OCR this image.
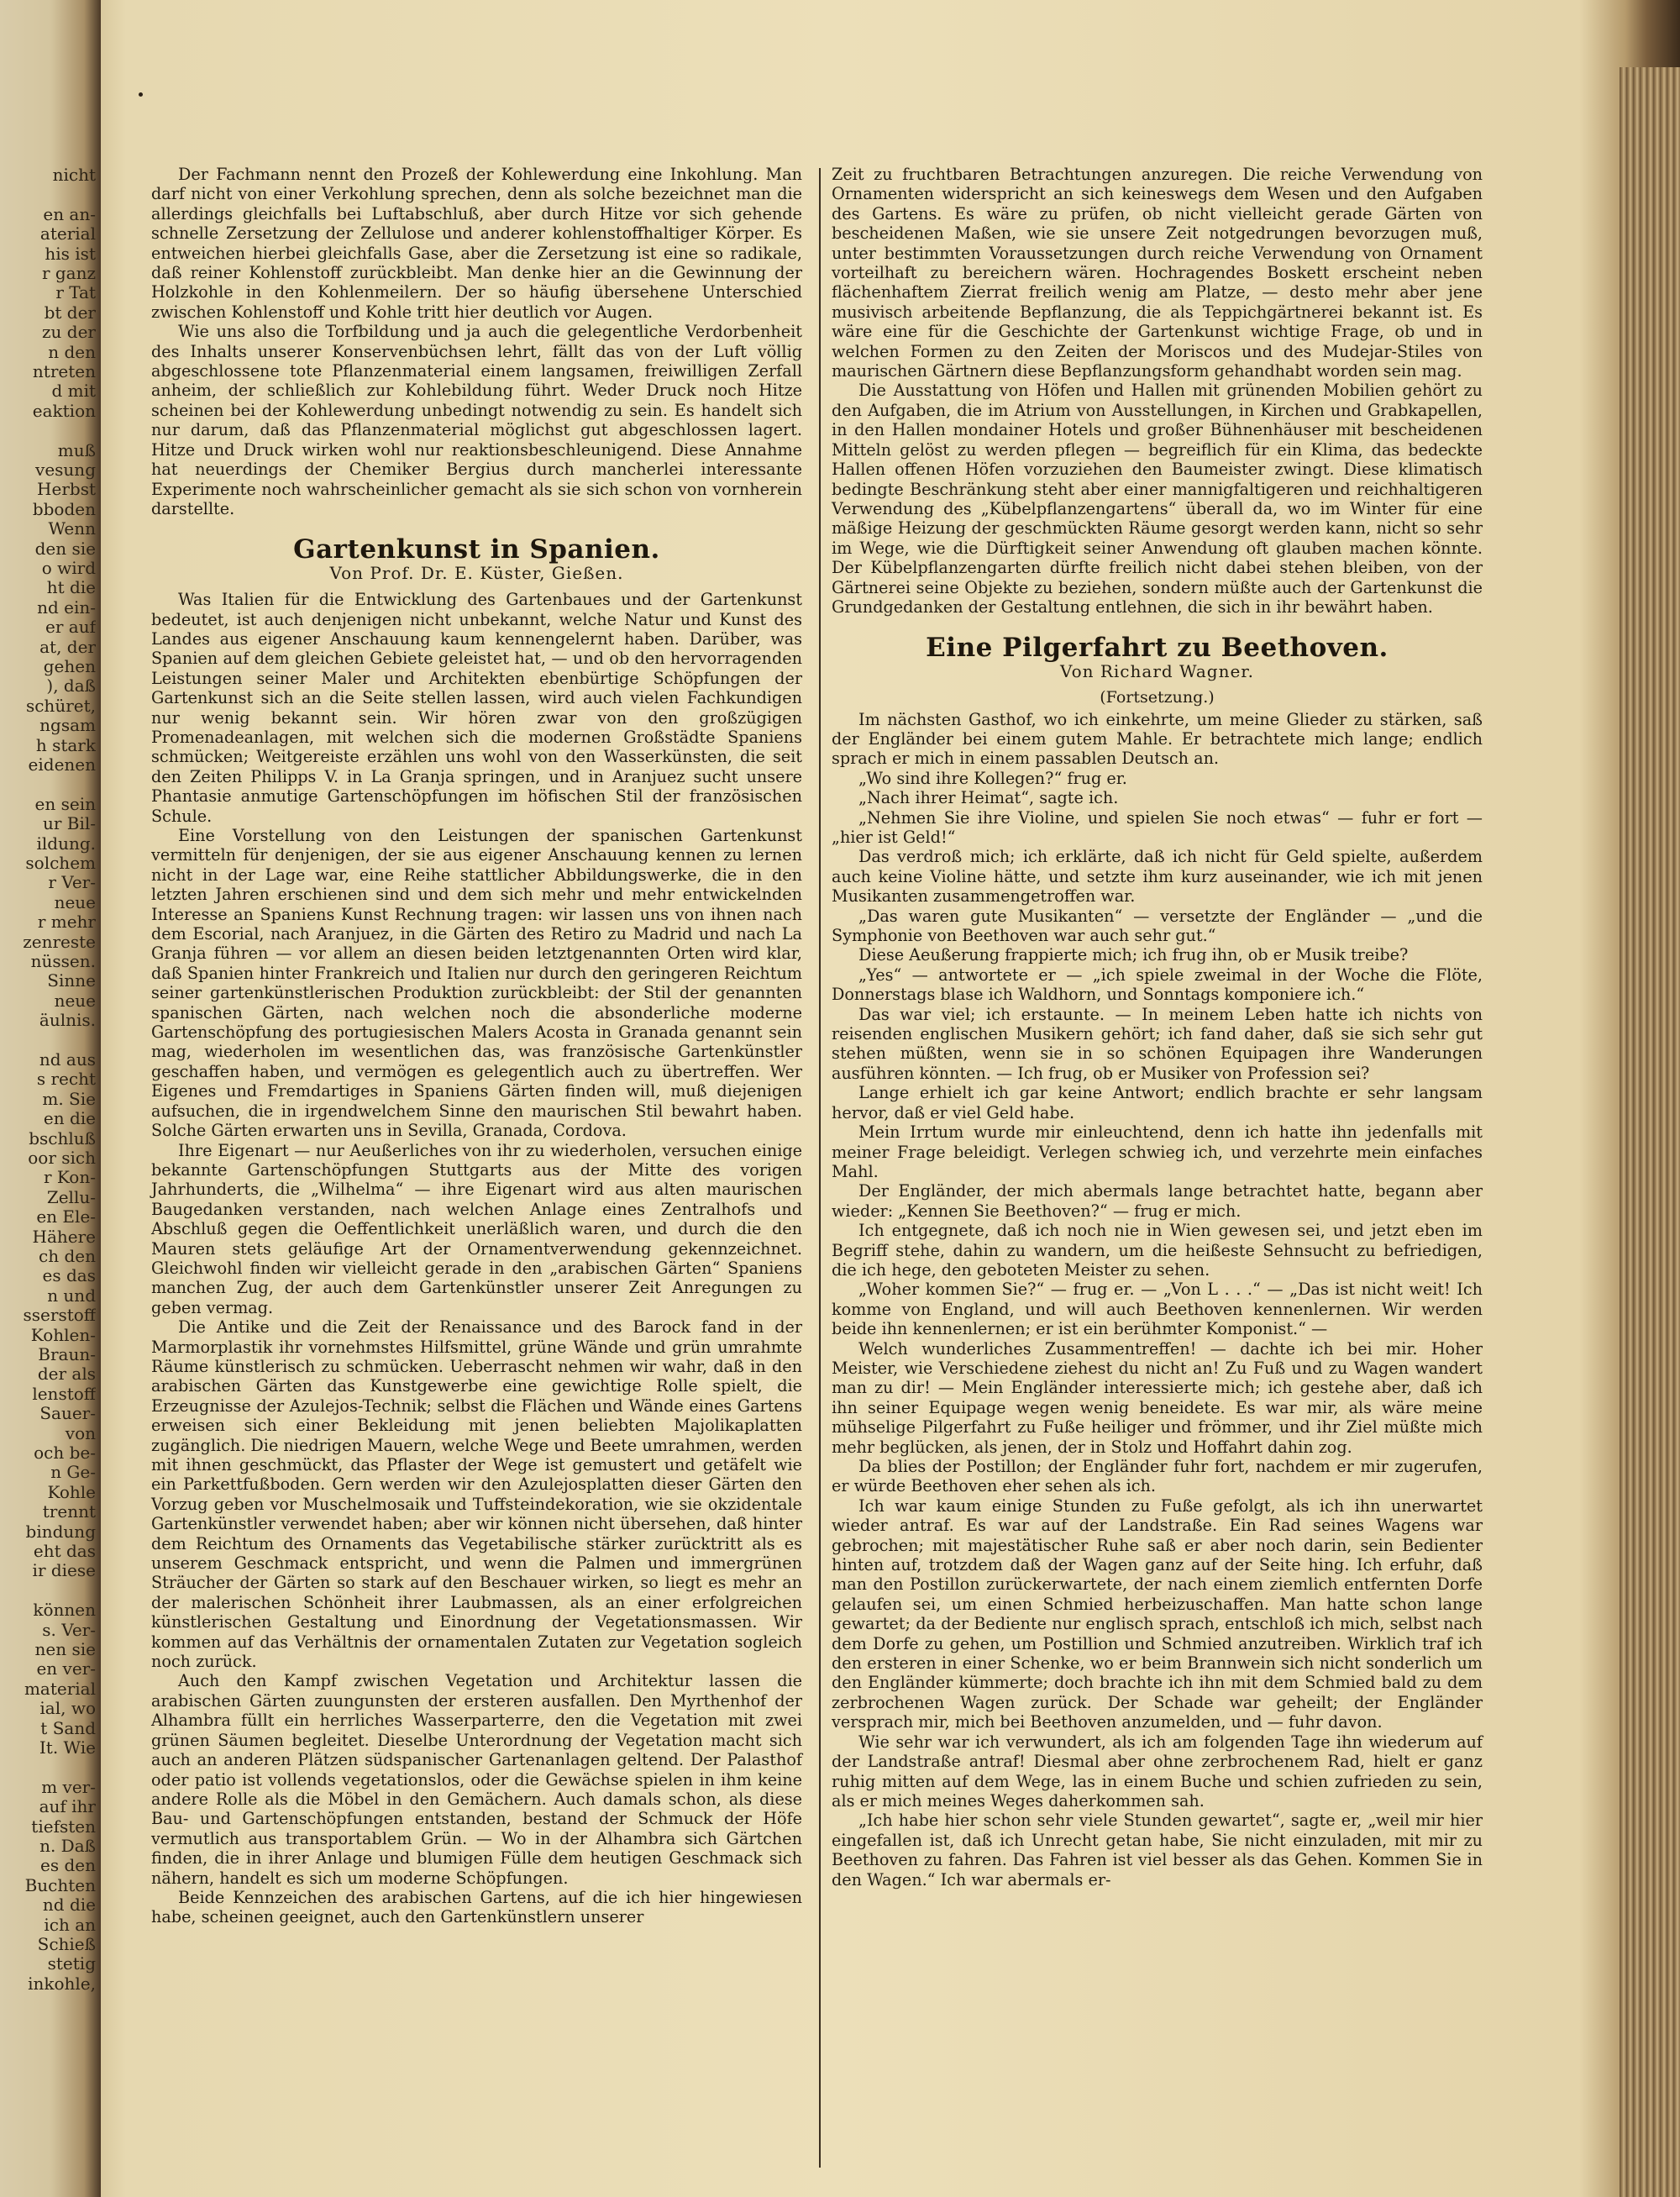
nicht
en an-
aterial
his ist
r ganz
r Tat
bt der
zu der
n den
ntreten
d mit
eaktion
muß
vesung
Herbst
bboden
Wenn
den sie
o wird
ht die
nd ein-
er auf
at, der
gehen
), daß
schüret,
ngsam
h stark
eidenen
en sein
ur Bil-
ildung.
solchem
r Ver-
neue
r mehr
zenreste
nüssen.
Sinne
neue
äulnis.
nd aus
s recht
m. Sie
en die
bschluß
oor sich
r Kon-
Zellu-
en Ele-
Hähere
ch den
es das
n und
sserstoff
Kohlen-
Braun-
der als
lenstoff
Sauer-
von
och be-
n Ge-
Kohle
trennt
bindung
eht das
ir diese
können
s. Ver-
nen sie
en ver-
material
ial, wo
t Sand
It. Wie
m ver-
auf ihr
tiefsten
n. Daß
es den
Buchten
nd die
ich an
Schieß
stetig
inkohle,

Der Fachmann nennt den Prozeß der Kohlewerdung eine Inkohlung. Man darf nicht von einer Verkohlung sprechen, denn als solche bezeichnet man die allerdings gleichfalls bei Luftabschluß, aber durch Hitze vor sich gehende schnelle Zersetzung der Zellulose und anderer kohlenstoffhaltiger Körper. Es entweichen hierbei gleichfalls Gase, aber die Zersetzung ist eine so radikale, daß reiner Kohlenstoff zurückbleibt. Man denke hier an die Gewinnung der Holzkohle in den Kohlenmeilern. Der so häufig übersehene Unterschied zwischen Kohlenstoff und Kohle tritt hier deutlich vor Augen.

Wie uns also die Torfbildung und ja auch die gelegentliche Verdorbenheit des Inhalts unserer Konservenbüchsen lehrt, fällt das von der Luft völlig abgeschlossene tote Pflanzenmaterial einem langsamen, freiwilligen Zerfall anheim, der schließlich zur Kohlebildung führt. Weder Druck noch Hitze scheinen bei der Kohlewerdung unbedingt notwendig zu sein. Es handelt sich nur darum, daß das Pflanzenmaterial möglichst gut abgeschlossen lagert. Hitze und Druck wirken wohl nur reaktionsbeschleunigend. Diese Annahme hat neuerdings der Chemiker Bergius durch mancherlei interessante Experimente noch wahrscheinlicher gemacht als sie sich schon von vornherein darstellte.

Gartenkunst in Spanien.
Von Prof. Dr. E. Küster, Gießen.

Was Italien für die Entwicklung des Gartenbaues und der Gartenkunst bedeutet, ist auch denjenigen nicht unbekannt, welche Natur und Kunst des Landes aus eigener Anschauung kaum kennengelernt haben. Darüber, was Spanien auf dem gleichen Gebiete geleistet hat, — und ob den hervorragenden Leistungen seiner Maler und Architekten ebenbürtige Schöpfungen der Gartenkunst sich an die Seite stellen lassen, wird auch vielen Fachkundigen nur wenig bekannt sein. Wir hören zwar von den großzügigen Promenadeanlagen, mit welchen sich die modernen Großstädte Spaniens schmücken; Weitgereiste erzählen uns wohl von den Wasserkünsten, die seit den Zeiten Philipps V. in La Granja springen, und in Aranjuez sucht unsere Phantasie anmutige Gartenschöpfungen im höfischen Stil der französischen Schule.

Eine Vorstellung von den Leistungen der spanischen Gartenkunst vermitteln für denjenigen, der sie aus eigener Anschauung kennen zu lernen nicht in der Lage war, eine Reihe stattlicher Abbildungswerke, die in den letzten Jahren erschienen sind und dem sich mehr und mehr entwickelnden Interesse an Spaniens Kunst Rechnung tragen: wir lassen uns von ihnen nach dem Escorial, nach Aranjuez, in die Gärten des Retiro zu Madrid und nach La Granja führen — vor allem an diesen beiden letztgenannten Orten wird klar, daß Spanien hinter Frankreich und Italien nur durch den geringeren Reichtum seiner gartenkünstlerischen Produktion zurückbleibt: der Stil der genannten spanischen Gärten, nach welchen noch die absonderliche moderne Gartenschöpfung des portugiesischen Malers Acosta in Granada genannt sein mag, wiederholen im wesentlichen das, was französische Gartenkünstler geschaffen haben, und vermögen es gelegentlich auch zu übertreffen. Wer Eigenes und Fremdartiges in Spaniens Gärten finden will, muß diejenigen aufsuchen, die in irgendwelchem Sinne den maurischen Stil bewahrt haben. Solche Gärten erwarten uns in Sevilla, Granada, Cordova.

Ihre Eigenart — nur Aeußerliches von ihr zu wiederholen, versuchen einige bekannte Gartenschöpfungen Stuttgarts aus der Mitte des vorigen Jahrhunderts, die „Wilhelma“ — ihre Eigenart wird aus alten maurischen Baugedanken verstanden, nach welchen Anlage eines Zentralhofs und Abschluß gegen die Oeffentlichkeit unerläßlich waren, und durch die den Mauren stets geläufige Art der Ornamentverwendung gekennzeichnet. Gleichwohl finden wir vielleicht gerade in den „arabischen Gärten“ Spaniens manchen Zug, der auch dem Gartenkünstler unserer Zeit Anregungen zu geben vermag.

Die Antike und die Zeit der Renaissance und des Barock fand in der Marmorplastik ihr vornehmstes Hilfsmittel, grüne Wände und grün umrahmte Räume künstlerisch zu schmücken. Ueberrascht nehmen wir wahr, daß in den arabischen Gärten das Kunstgewerbe eine gewichtige Rolle spielt, die Erzeugnisse der Azulejos-Technik; selbst die Flächen und Wände eines Gartens erweisen sich einer Bekleidung mit jenen beliebten Majolikaplatten zugänglich. Die niedrigen Mauern, welche Wege und Beete umrahmen, werden mit ihnen geschmückt, das Pflaster der Wege ist gemustert und getäfelt wie ein Parkettfußboden. Gern werden wir den Azulejosplatten dieser Gärten den Vorzug geben vor Muschelmosaik und Tuffsteindekoration, wie sie okzidentale Gartenkünstler verwendet haben; aber wir können nicht übersehen, daß hinter dem Reichtum des Ornaments das Vegetabilische stärker zurücktritt als es unserem Geschmack entspricht, und wenn die Palmen und immergrünen Sträucher der Gärten so stark auf den Beschauer wirken, so liegt es mehr an der malerischen Schönheit ihrer Laubmassen, als an einer erfolgreichen künstlerischen Gestaltung und Einordnung der Vegetationsmassen. Wir kommen auf das Verhältnis der ornamentalen Zutaten zur Vegetation sogleich noch zurück.

Auch den Kampf zwischen Vegetation und Architektur lassen die arabischen Gärten zuungunsten der ersteren ausfallen. Den Myrthenhof der Alhambra füllt ein herrliches Wasserparterre, den die Vegetation mit zwei grünen Säumen begleitet. Dieselbe Unterordnung der Vegetation macht sich auch an anderen Plätzen südspanischer Gartenanlagen geltend. Der Palasthof oder patio ist vollends vegetationslos, oder die Gewächse spielen in ihm keine andere Rolle als die Möbel in den Gemächern. Auch damals schon, als diese Bau- und Gartenschöpfungen entstanden, bestand der Schmuck der Höfe vermutlich aus transportablem Grün. — Wo in der Alhambra sich Gärtchen finden, die in ihrer Anlage und blumigen Fülle dem heutigen Geschmack sich nähern, handelt es sich um moderne Schöpfungen.

Beide Kennzeichen des arabischen Gartens, auf die ich hier hingewiesen habe, scheinen geeignet, auch den Gartenkünstlern unserer

Zeit zu fruchtbaren Betrachtungen anzuregen. Die reiche Verwendung von Ornamenten widerspricht an sich keineswegs dem Wesen und den Aufgaben des Gartens. Es wäre zu prüfen, ob nicht vielleicht gerade Gärten von bescheidenen Maßen, wie sie unsere Zeit notgedrungen bevorzugen muß, unter bestimmten Voraussetzungen durch reiche Verwendung von Ornament vorteilhaft zu bereichern wären. Hochragendes Boskett erscheint neben flächenhaftem Zierrat freilich wenig am Platze, — desto mehr aber jene musivisch arbeitende Bepflanzung, die als Teppichgärtnerei bekannt ist. Es wäre eine für die Geschichte der Gartenkunst wichtige Frage, ob und in welchen Formen zu den Zeiten der Moriscos und des Mudejar-Stiles von maurischen Gärtnern diese Bepflanzungsform gehandhabt worden sein mag.

Die Ausstattung von Höfen und Hallen mit grünenden Mobilien gehört zu den Aufgaben, die im Atrium von Ausstellungen, in Kirchen und Grabkapellen, in den Hallen mondainer Hotels und großer Bühnenhäuser mit bescheidenen Mitteln gelöst zu werden pflegen — begreiflich für ein Klima, das bedeckte Hallen offenen Höfen vorzuziehen den Baumeister zwingt. Diese klimatisch bedingte Beschränkung steht aber einer mannigfaltigeren und reichhaltigeren Verwendung des „Kübelpflanzengartens“ überall da, wo im Winter für eine mäßige Heizung der geschmückten Räume gesorgt werden kann, nicht so sehr im Wege, wie die Dürftigkeit seiner Anwendung oft glauben machen könnte. Der Kübelpflanzengarten dürfte freilich nicht dabei stehen bleiben, von der Gärtnerei seine Objekte zu beziehen, sondern müßte auch der Gartenkunst die Grundgedanken der Gestaltung entlehnen, die sich in ihr bewährt haben.

Eine Pilgerfahrt zu Beethoven.
Von Richard Wagner.
(Fortsetzung.)

Im nächsten Gasthof, wo ich einkehrte, um meine Glieder zu stärken, saß der Engländer bei einem gutem Mahle. Er betrachtete mich lange; endlich sprach er mich in einem passablen Deutsch an.

„Wo sind ihre Kollegen?“ frug er.

„Nach ihrer Heimat“, sagte ich.

„Nehmen Sie ihre Violine, und spielen Sie noch etwas“ — fuhr er fort — „hier ist Geld!“

Das verdroß mich; ich erklärte, daß ich nicht für Geld spielte, außerdem auch keine Violine hätte, und setzte ihm kurz auseinander, wie ich mit jenen Musikanten zusammengetroffen war.

„Das waren gute Musikanten“ — versetzte der Engländer — „und die Symphonie von Beethoven war auch sehr gut.“

Diese Aeußerung frappierte mich; ich frug ihn, ob er Musik treibe?

„Yes“ — antwortete er — „ich spiele zweimal in der Woche die Flöte, Donnerstags blase ich Waldhorn, und Sonntags komponiere ich.“

Das war viel; ich erstaunte. — In meinem Leben hatte ich nichts von reisenden englischen Musikern gehört; ich fand daher, daß sie sich sehr gut stehen müßten, wenn sie in so schönen Equipagen ihre Wanderungen ausführen könnten. — Ich frug, ob er Musiker von Profession sei?

Lange erhielt ich gar keine Antwort; endlich brachte er sehr langsam hervor, daß er viel Geld habe.

Mein Irrtum wurde mir einleuchtend, denn ich hatte ihn jedenfalls mit meiner Frage beleidigt. Verlegen schwieg ich, und verzehrte mein einfaches Mahl.

Der Engländer, der mich abermals lange betrachtet hatte, begann aber wieder: „Kennen Sie Beethoven?“ — frug er mich.

Ich entgegnete, daß ich noch nie in Wien gewesen sei, und jetzt eben im Begriff stehe, dahin zu wandern, um die heißeste Sehnsucht zu befriedigen, die ich hege, den geboteten Meister zu sehen.

„Woher kommen Sie?“ — frug er. — „Von L . . .“ — „Das ist nicht weit! Ich komme von England, und will auch Beethoven kennenlernen. Wir werden beide ihn kennenlernen; er ist ein berühmter Komponist.“ —

Welch wunderliches Zusammentreffen! — dachte ich bei mir. Hoher Meister, wie Verschiedene ziehest du nicht an! Zu Fuß und zu Wagen wandert man zu dir! — Mein Engländer interessierte mich; ich gestehe aber, daß ich ihn seiner Equipage wegen wenig beneidete. Es war mir, als wäre meine mühselige Pilgerfahrt zu Fuße heiliger und frömmer, und ihr Ziel müßte mich mehr beglücken, als jenen, der in Stolz und Hoffahrt dahin zog.

Da blies der Postillon; der Engländer fuhr fort, nachdem er mir zugerufen, er würde Beethoven eher sehen als ich.

Ich war kaum einige Stunden zu Fuße gefolgt, als ich ihn unerwartet wieder antraf. Es war auf der Landstraße. Ein Rad seines Wagens war gebrochen; mit majestätischer Ruhe saß er aber noch darin, sein Bedienter hinten auf, trotzdem daß der Wagen ganz auf der Seite hing. Ich erfuhr, daß man den Postillon zurückerwartete, der nach einem ziemlich entfernten Dorfe gelaufen sei, um einen Schmied herbeizuschaffen. Man hatte schon lange gewartet; da der Bediente nur englisch sprach, entschloß ich mich, selbst nach dem Dorfe zu gehen, um Postillion und Schmied anzutreiben. Wirklich traf ich den ersteren in einer Schenke, wo er beim Brannwein sich nicht sonderlich um den Engländer kümmerte; doch brachte ich ihn mit dem Schmied bald zu dem zerbrochenen Wagen zurück. Der Schade war geheilt; der Engländer versprach mir, mich bei Beethoven anzumelden, und — fuhr davon.

Wie sehr war ich verwundert, als ich am folgenden Tage ihn wiederum auf der Landstraße antraf! Diesmal aber ohne zerbrochenem Rad, hielt er ganz ruhig mitten auf dem Wege, las in einem Buche und schien zufrieden zu sein, als er mich meines Weges daherkommen sah.

„Ich habe hier schon sehr viele Stunden gewartet“, sagte er, „weil mir hier eingefallen ist, daß ich Unrecht getan habe, Sie nicht einzuladen, mit mir zu Beethoven zu fahren. Das Fahren ist viel besser als das Gehen. Kommen Sie in den Wagen.“ Ich war abermals er-
